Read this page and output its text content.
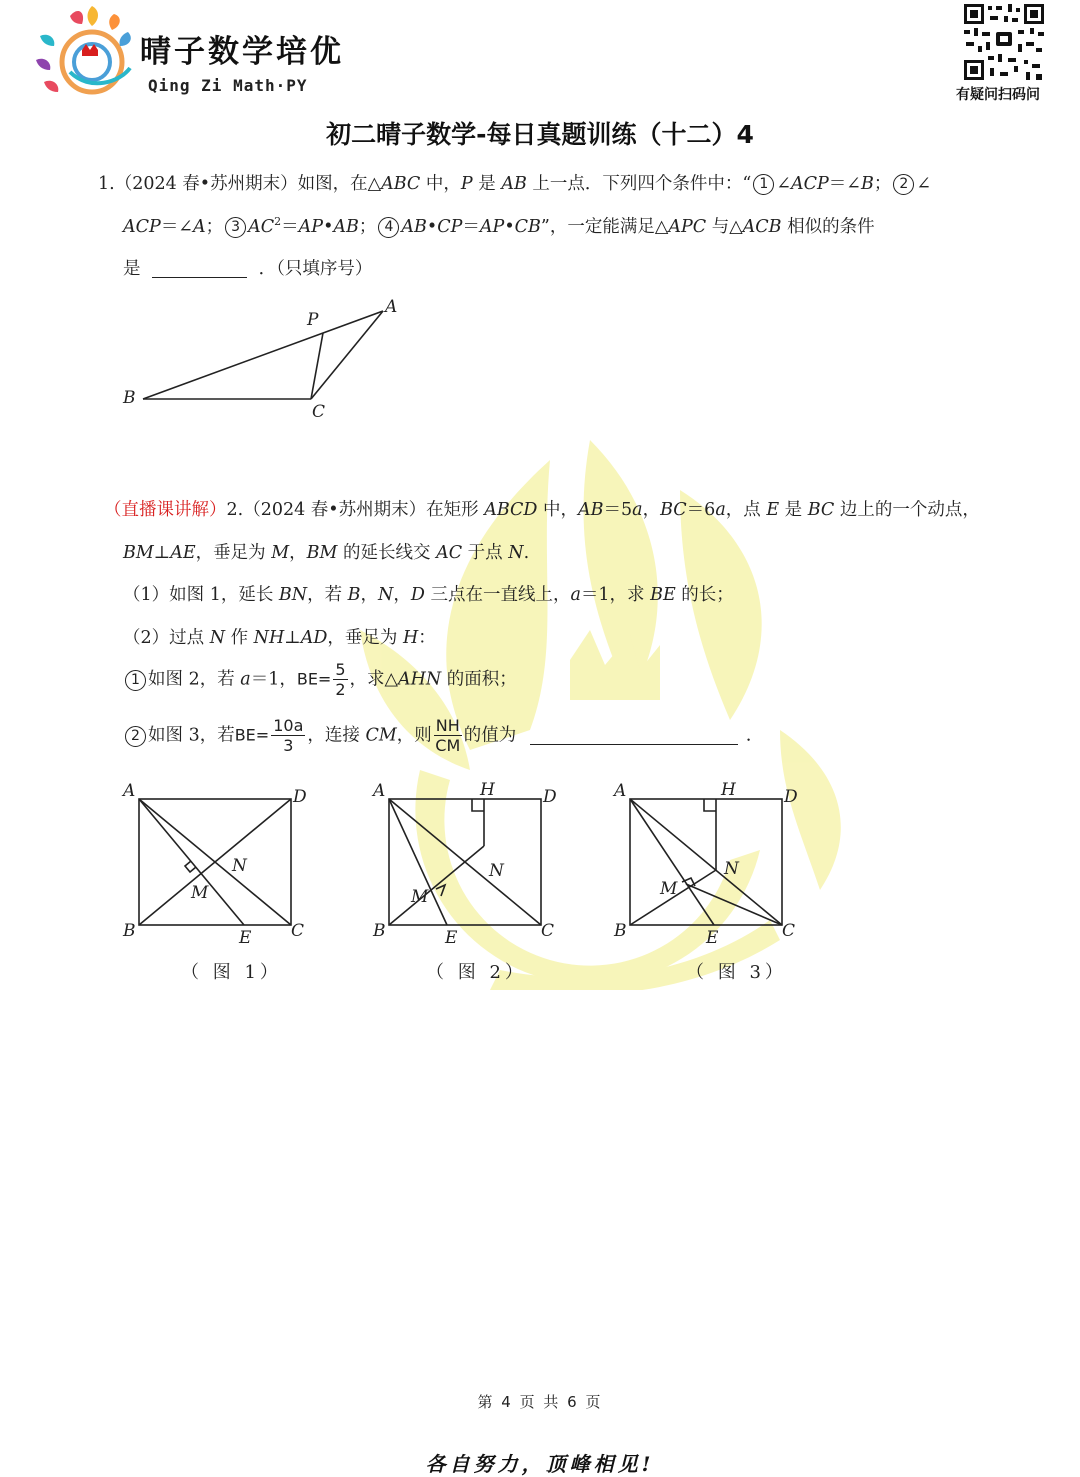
晴子数学培优
Qing Zi Math·PY	有疑问扫码问
初二晴子数学-每日真题训练（十二）4
1.（2024 春•苏州期末）如图，在△ABC 中，P 是 AB 上一点．下列四个条件中：“ 1 ∠ACP＝∠B； 2 ∠
ACP＝∠A； 3 $AC^2=AP•AB$； 4 AB•CP＝AP•CB”，一定能满足△APC 与△ACB 相似的条件
是	．（只填序号）
P
A
B
C
（直播课讲解）2.（2024 春•苏州期末）在矩形 ABCD 中，AB＝5a，BC＝6a，点 E 是 BC 边上的一个动点，
BM⊥AE，垂足为 M，BM 的延长线交 AC 于点 N.
（1）如图 1，延长 BN，若 B，N，D 三点在一直线上，a＝1，求 BE 的长；
（2）过点 N 作 NH⊥AD，垂足为 H：
1 如图 2，若 a＝1，$BE= \frac{5}{2}$ ，求△AHN 的面积；
2 如图 3，若$BE= \frac{10a}{3}$ ，连接 CM，则 $\frac{NH}{CM}$ 的值为	．
A	D
B	C
E
M
N
（ 图 1）
A	H	D
B	C
E
M
N
（ 图 2）
A	H	D
B	C
E
M
N
（ 图 3）
第 4 页 共 6 页
各自努力，顶峰相见!
